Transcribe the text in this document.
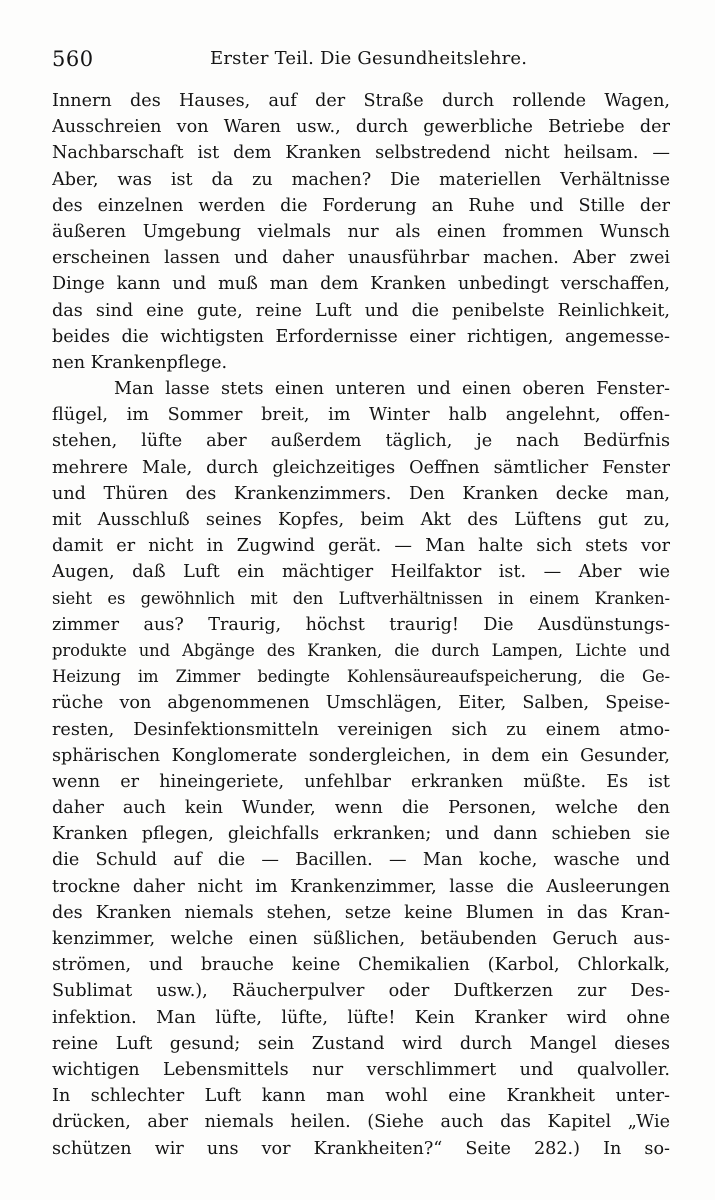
560	Erster Teil. Die Gesundheitslehre.
Innern des Hauses, auf der Straße durch rollende Wagen,
Ausschreien von Waren usw., durch gewerbliche Betriebe der
Nachbarschaft ist dem Kranken selbstredend nicht heilsam. —
Aber, was ist da zu machen? Die materiellen Verhältnisse
des einzelnen werden die Forderung an Ruhe und Stille der
äußeren Umgebung vielmals nur als einen frommen Wunsch
erscheinen lassen und daher unausführbar machen. Aber zwei
Dinge kann und muß man dem Kranken unbedingt verschaffen,
das sind eine gute, reine Luft und die penibelste Reinlichkeit,
beides die wichtigsten Erfordernisse einer richtigen, angemesse-
nen Krankenpflege.
Man lasse stets einen unteren und einen oberen Fenster-
flügel, im Sommer breit, im Winter halb angelehnt, offen-
stehen, lüfte aber außerdem täglich, je nach Bedürfnis
mehrere Male, durch gleichzeitiges Oeffnen sämtlicher Fenster
und Thüren des Krankenzimmers. Den Kranken decke man,
mit Ausschluß seines Kopfes, beim Akt des Lüftens gut zu,
damit er nicht in Zugwind gerät. — Man halte sich stets vor
Augen, daß Luft ein mächtiger Heilfaktor ist. — Aber wie
sieht es gewöhnlich mit den Luftverhältnissen in einem Kranken-
zimmer aus? Traurig, höchst traurig! Die Ausdünstungs-
produkte und Abgänge des Kranken, die durch Lampen, Lichte und
Heizung im Zimmer bedingte Kohlensäureaufspeicherung, die Ge-
rüche von abgenommenen Umschlägen, Eiter, Salben, Speise-
resten, Desinfektionsmitteln vereinigen sich zu einem atmo-
sphärischen Konglomerate sondergleichen, in dem ein Gesunder,
wenn er hineingeriete, unfehlbar erkranken müßte. Es ist
daher auch kein Wunder, wenn die Personen, welche den
Kranken pflegen, gleichfalls erkranken; und dann schieben sie
die Schuld auf die — Bacillen. — Man koche, wasche und
trockne daher nicht im Krankenzimmer, lasse die Ausleerungen
des Kranken niemals stehen, setze keine Blumen in das Kran-
kenzimmer, welche einen süßlichen, betäubenden Geruch aus-
strömen, und brauche keine Chemikalien (Karbol, Chlorkalk,
Sublimat usw.), Räucherpulver oder Duftkerzen zur Des-
infektion. Man lüfte, lüfte, lüfte! Kein Kranker wird ohne
reine Luft gesund; sein Zustand wird durch Mangel dieses
wichtigen Lebensmittels nur verschlimmert und qualvoller.
In schlechter Luft kann man wohl eine Krankheit unter-
drücken, aber niemals heilen. (Siehe auch das Kapitel „Wie
schützen wir uns vor Krankheiten?“ Seite 282.) In so-
